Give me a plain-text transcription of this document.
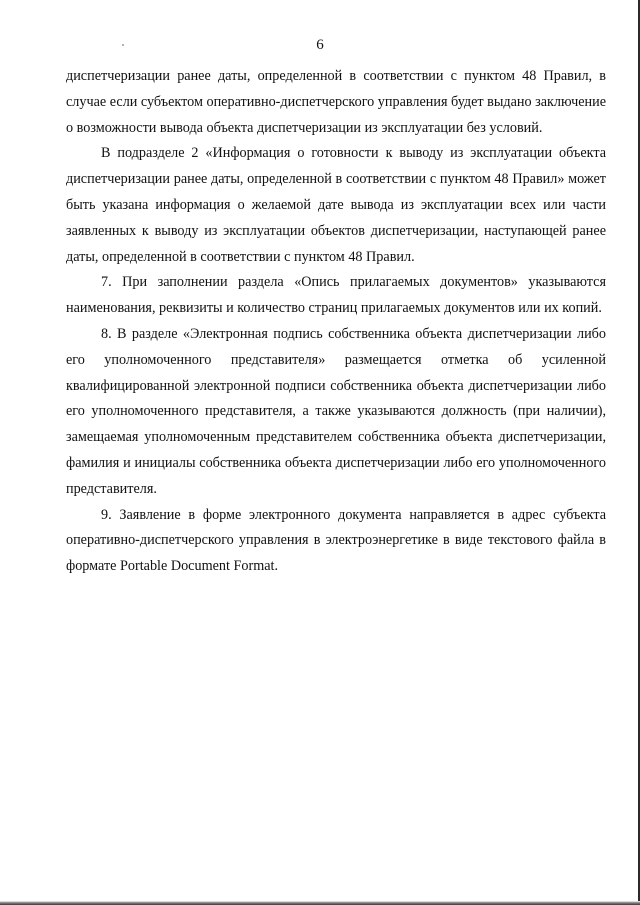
6

диспетчеризации ранее даты, определенной в соответствии с пунктом 48 Правил, в случае если субъектом оперативно-диспетчерского управления будет выдано заключение о возможности вывода объекта диспетчеризации из эксплуатации без условий.

В подразделе 2 «Информация о готовности к выводу из эксплуатации объекта диспетчеризации ранее даты, определенной в соответствии с пунктом 48 Правил» может быть указана информация о желаемой дате вывода из эксплуатации всех или части заявленных к выводу из эксплуатации объектов диспетчеризации, наступающей ранее даты, определенной в соответствии с пунктом 48 Правил.

7. При заполнении раздела «Опись прилагаемых документов» указываются наименования, реквизиты и количество страниц прилагаемых документов или их копий.

8. В разделе «Электронная подпись собственника объекта диспетчеризации либо его уполномоченного представителя» размещается отметка об усиленной квалифицированной электронной подписи собственника объекта диспетчеризации либо его уполномоченного представителя, а также указываются должность (при наличии), замещаемая уполномоченным представителем собственника объекта диспетчеризации, фамилия и инициалы собственника объекта диспетчеризации либо его уполномоченного представителя.

9. Заявление в форме электронного документа направляется в адрес субъекта оперативно-диспетчерского управления в электроэнергетике в виде текстового файла в формате Portable Document Format.
